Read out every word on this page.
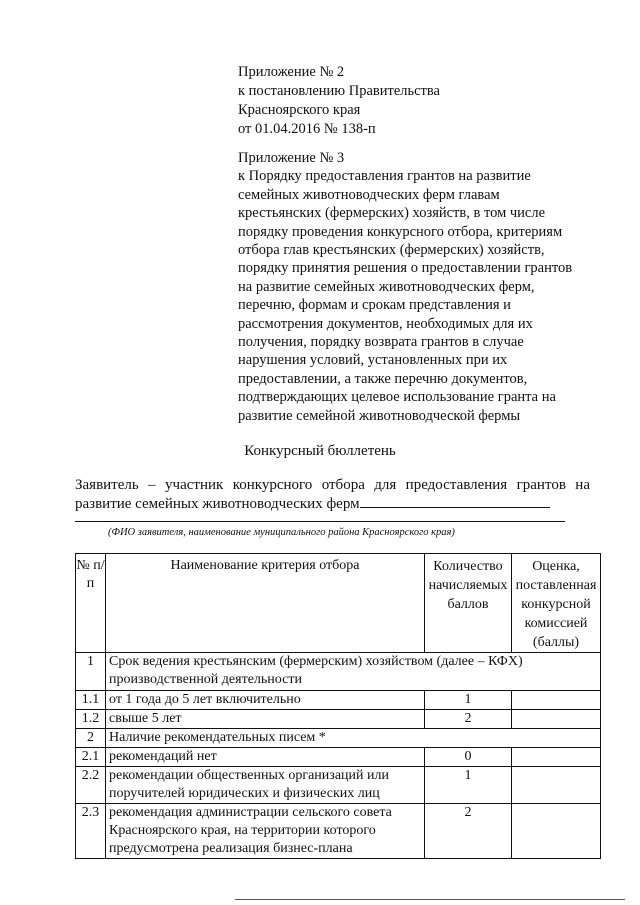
Приложение № 2
к постановлению Правительства
Красноярского края
от 01.04.2016 № 138-п
Приложение № 3
к Порядку предоставления грантов на развитие
семейных животноводческих ферм главам
крестьянских (фермерских) хозяйств, в том числе
порядку проведения конкурсного отбора, критериям
отбора глав крестьянских (фермерских) хозяйств,
порядку принятия решения о предоставлении грантов
на развитие семейных животноводческих ферм,
перечню, формам и срокам представления и
рассмотрения документов, необходимых для их
получения, порядку возврата грантов в случае
нарушения условий, установленных при их
предоставлении, а также перечню документов,
подтверждающих целевое использование гранта на
развитие семейной животноводческой фермы
Конкурсный бюллетень
Заявитель – участник конкурсного отбора для предоставления грантов на
развитие семейных животноводческих ферм
(ФИО заявителя, наименование муниципального района Красноярского края)
№ п/п	Наименование критерия отбора	Количество начисляемых баллов	Оценка, поставленная конкурсной комиссией (баллы)
1	Срок ведения крестьянским (фермерским) хозяйством (далее – КФХ) производственной деятельности		
1.1	от 1 года до 5 лет включительно	1	
1.2	свыше 5 лет	2	
2	Наличие рекомендательных писем *		
2.1	рекомендаций нет	0	
2.2	рекомендации общественных организаций или поручителей юридических и физических лиц	1	
2.3	рекомендация администрации сельского совета Красноярского края, на территории которого предусмотрена реализация бизнес-плана	2	
